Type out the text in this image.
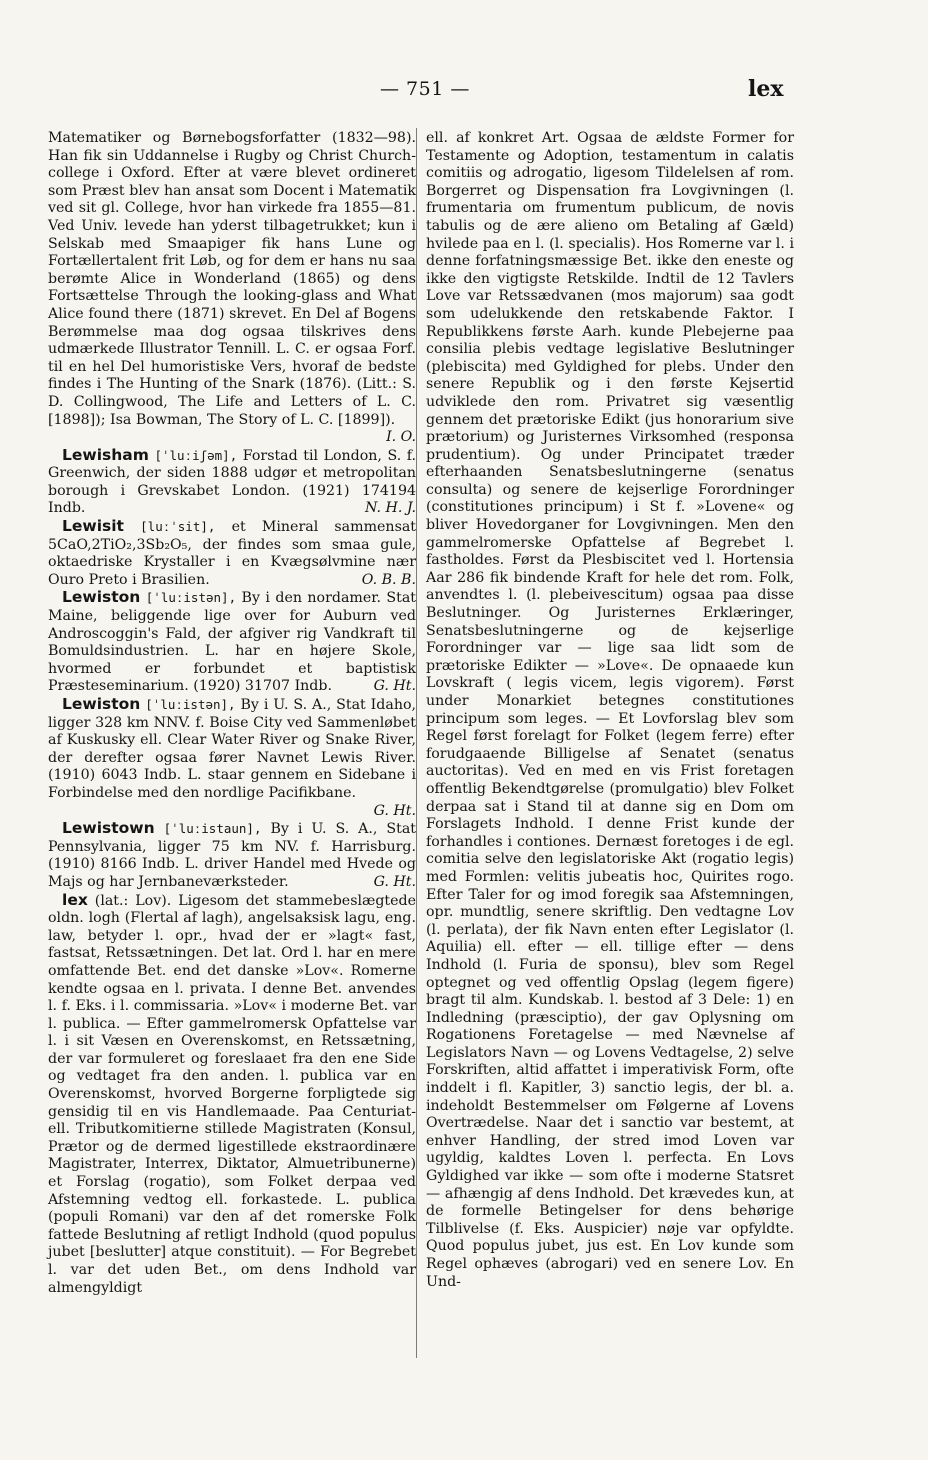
— 751 —	lex

Matematiker og Børnebogsforfatter (1832—98). Han fik sin Uddannelse i Rugby og Christ Church-college i Oxford. Efter at være blevet ordineret som Præst blev han ansat som Docent i Matematik ved sit gl. College, hvor han virkede fra 1855—81. Ved Univ. levede han yderst tilbagetrukket; kun i Selskab med Smaapiger fik hans Lune og Fortællertalent frit Løb, og for dem er hans nu saa berømte Alice in Wonderland (1865) og dens Fortsættelse Through the looking-glass and What Alice found there (1871) skrevet. En Del af Bogens Berømmelse maa dog ogsaa tilskrives dens udmærkede Illustrator Tennill. L. C. er ogsaa Forf. til en hel Del humoristiske Vers, hvoraf de bedste findes i The Hunting of the Snark (1876). (Litt.: S. D. Collingwood, The Life and Letters of L. C. [1898]); Isa Bowman, The Story of L. C. [1899]).
I. O.

Lewisham [ˈluːiʃəm], Forstad til London, S. f. Greenwich, der siden 1888 udgør et metropolitan borough i Grevskabet London. (1921) 174194 Indb.	N. H. J.

Lewisit [luːˈsit], et Mineral sammensat 5CaO,2TiO₂,3Sb₂O₅, der findes som smaa gule, oktaedriske Krystaller i en Kvægsølvmine nær Ouro Preto i Brasilien.	O. B. B.

Lewiston [ˈluːistən], By i den nordamer. Stat Maine, beliggende lige over for Auburn ved Androscoggin's Fald, der afgiver rig Vandkraft til Bomuldsindustrien. L. har en højere Skole, hvormed er forbundet et baptistisk Præsteseminarium. (1920) 31707 Indb.	G. Ht.

Lewiston [ˈluːistən], By i U. S. A., Stat Idaho, ligger 328 km NNV. f. Boise City ved Sammenløbet af Kuskusky ell. Clear Water River og Snake River, der derefter ogsaa fører Navnet Lewis River. (1910) 6043 Indb. L. staar gennem en Sidebane i Forbindelse med den nordlige Pacifikbane.
G. Ht.

Lewistown [ˈluːistaun], By i U. S. A., Stat Pennsylvania, ligger 75 km NV. f. Harrisburg. (1910) 8166 Indb. L. driver Handel med Hvede og Majs og har Jernbaneværksteder.	G. Ht.

lex (lat.: Lov). Ligesom det stammebeslægtede oldn. logh (Flertal af lagh), angelsaksisk lagu, eng. law, betyder l. opr., hvad der er »lagt« fast, fastsat, Retssætningen. Det lat. Ord l. har en mere omfattende Bet. end det danske »Lov«. Romerne kendte ogsaa en l. privata. I denne Bet. anvendes l. f. Eks. i l. commissaria. »Lov« i moderne Bet. var l. publica. — Efter gammelromersk Opfattelse var l. i sit Væsen en Overenskomst, en Retssætning, der var formuleret og foreslaaet fra den ene Side og vedtaget fra den anden. l. publica var en Overenskomst, hvorved Borgerne forpligtede sig gensidig til en vis Handlemaade. Paa Centuriat- ell. Tributkomitierne stillede Magistraten (Konsul, Prætor og de dermed ligestillede ekstraordinære Magistrater, Interrex, Diktator, Almuetribunerne) et Forslag (rogatio), som Folket derpaa ved Afstemning vedtog ell. forkastede. L. publica (populi Romani) var den af det romerske Folk fattede Beslutning af retligt Indhold (quod populus jubet [beslutter] atque constituit). — For Begrebet l. var det uden Bet., om dens Indhold var almengyldigt

ell. af konkret Art. Ogsaa de ældste Former for Testamente og Adoption, testamentum in calatis comitiis og adrogatio, ligesom Tildelelsen af rom. Borgerret og Dispensation fra Lovgivningen (l. frumentaria om frumentum publicum, de novis tabulis og de ære alieno om Betaling af Gæld) hvilede paa en l. (l. specialis). Hos Romerne var l. i denne forfatningsmæssige Bet. ikke den eneste og ikke den vigtigste Retskilde. Indtil de 12 Tavlers Love var Retssædvanen (mos majorum) saa godt som udelukkende den retskabende Faktor. I Republikkens første Aarh. kunde Plebejerne paa consilia plebis vedtage legislative Beslutninger (plebiscita) med Gyldighed for plebs. Under den senere Republik og i den første Kejsertid udviklede den rom. Privatret sig væsentlig gennem det prætoriske Edikt (jus honorarium sive prætorium) og Juristernes Virksomhed (responsa prudentium). Og under Principatet træder efterhaanden Senatsbeslutningerne (senatus consulta) og senere de kejserlige Forordninger (constitutiones principum) i St f. »Lovene« og bliver Hovedorganer for Lovgivningen. Men den gammelromerske Opfattelse af Begrebet l. fastholdes. Først da Plesbiscitet ved l. Hortensia Aar 286 fik bindende Kraft for hele det rom. Folk, anvendtes l. (l. plebeivescitum) ogsaa paa disse Beslutninger. Og Juristernes Erklæringer, Senatsbeslutningerne og de kejserlige Forordninger var — lige saa lidt som de prætoriske Edikter — »Love«. De opnaaede kun Lovskraft ( legis vicem, legis vigorem). Først under Monarkiet betegnes constitutiones principum som leges. — Et Lovforslag blev som Regel først forelagt for Folket (legem ferre) efter forudgaaende Billigelse af Senatet (senatus auctoritas). Ved en med en vis Frist foretagen offentlig Bekendtgørelse (promulgatio) blev Folket derpaa sat i Stand til at danne sig en Dom om Forslagets Indhold. I denne Frist kunde der forhandles i contiones. Dernæst foretoges i de egl. comitia selve den legislatoriske Akt (rogatio legis) med Formlen: velitis jubeatis hoc, Quirites rogo. Efter Taler for og imod foregik saa Afstemningen, opr. mundtlig, senere skriftlig. Den vedtagne Lov (l. perlata), der fik Navn enten efter Legislator (l. Aquilia) ell. efter — ell. tillige efter — dens Indhold (l. Furia de sponsu), blev som Regel optegnet og ved offentlig Opslag (legem figere) bragt til alm. Kundskab. l. bestod af 3 Dele: 1) en Indledning (præsciptio), der gav Oplysning om Rogationens Foretagelse — med Nævnelse af Legislators Navn — og Lovens Vedtagelse, 2) selve Forskriften, altid affattet i imperativisk Form, ofte inddelt i fl. Kapitler, 3) sanctio legis, der bl. a. indeholdt Bestemmelser om Følgerne af Lovens Overtrædelse. Naar det i sanctio var bestemt, at enhver Handling, der stred imod Loven var ugyldig, kaldtes Loven l. perfecta. En Lovs Gyldighed var ikke — som ofte i moderne Statsret — afhængig af dens Indhold. Det krævedes kun, at de formelle Betingelser for dens behørige Tilblivelse (f. Eks. Auspicier) nøje var opfyldte. Quod populus jubet, jus est. En Lov kunde som Regel ophæves (abrogari) ved en senere Lov. En Und-
